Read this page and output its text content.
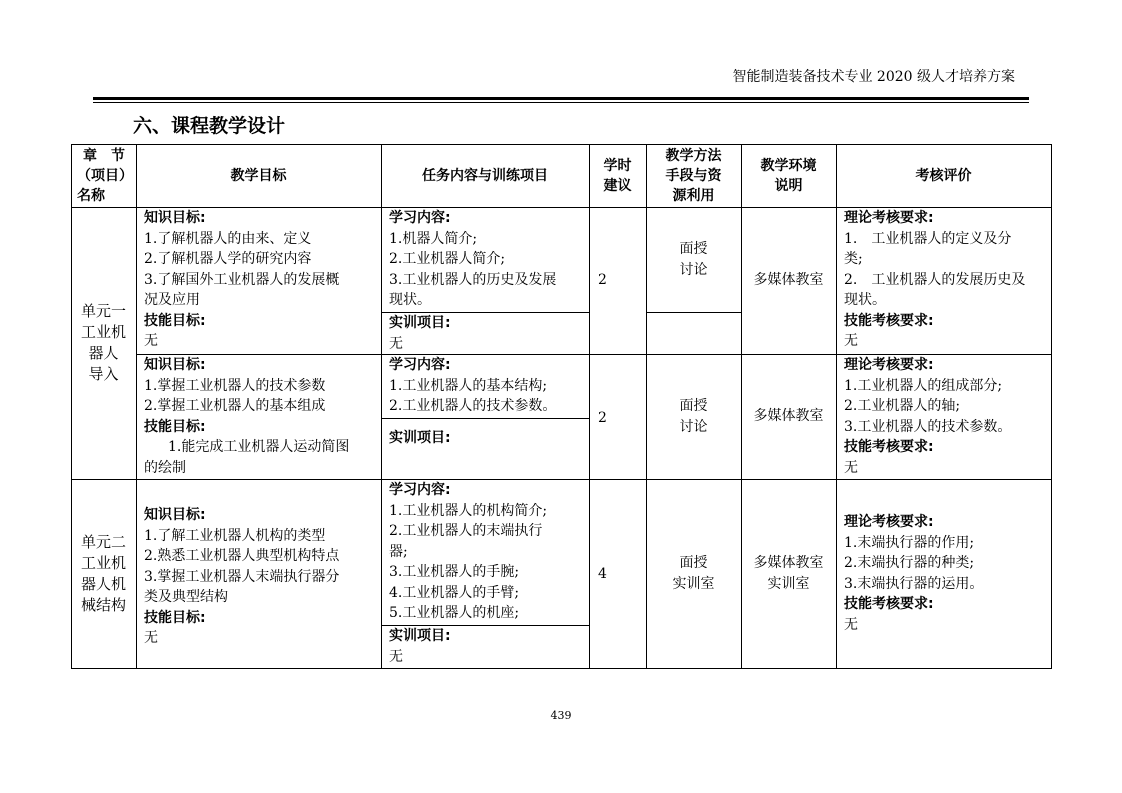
智能制造装备技术专业 2020 级人才培养方案
六、课程教学设计
章　节
（项目）
名称
教学目标	任务内容与训练项目
学时
建议
教学方法
手段与资
源利用
教学环境
说明
考核评价
单元一
工业机
器人
导入
知识目标:
1.了解机器人的由来、定义
2.了解机器人学的研究内容
3.了解国外工业机器人的发展概
况及应用
技能目标:
无
学习内容:
1.机器人简介;
2.工业机器人简介;
3.工业机器人的历史及发展
现状。
实训项目:
无
2
面授
讨论
多媒体教室
理论考核要求:
1.　工业机器人的定义及分
类;
2.　工业机器人的发展历史及
现状。
技能考核要求:
无
知识目标:
1.掌握工业机器人的技术参数
2.掌握工业机器人的基本组成
技能目标:
1.能完成工业机器人运动简图
的绘制
学习内容:
1.工业机器人的基本结构;
2.工业机器人的技术参数。
实训项目:
2
面授
讨论
多媒体教室
理论考核要求:
1.工业机器人的组成部分;
2.工业机器人的轴;
3.工业机器人的技术参数。
技能考核要求:
无
单元二
工业机
器人机
械结构
知识目标:
1.了解工业机器人机构的类型
2.熟悉工业机器人典型机构特点
3.掌握工业机器人末端执行器分
类及典型结构
技能目标:
无
学习内容:
1.工业机器人的机构简介;
2.工业机器人的末端执行
器;
3.工业机器人的手腕;
4.工业机器人的手臂;
5.工业机器人的机座;
实训项目:
无
4
面授
实训室
多媒体教室
实训室
理论考核要求:
1.末端执行器的作用;
2.末端执行器的种类;
3.末端执行器的运用。
技能考核要求:
无
439
